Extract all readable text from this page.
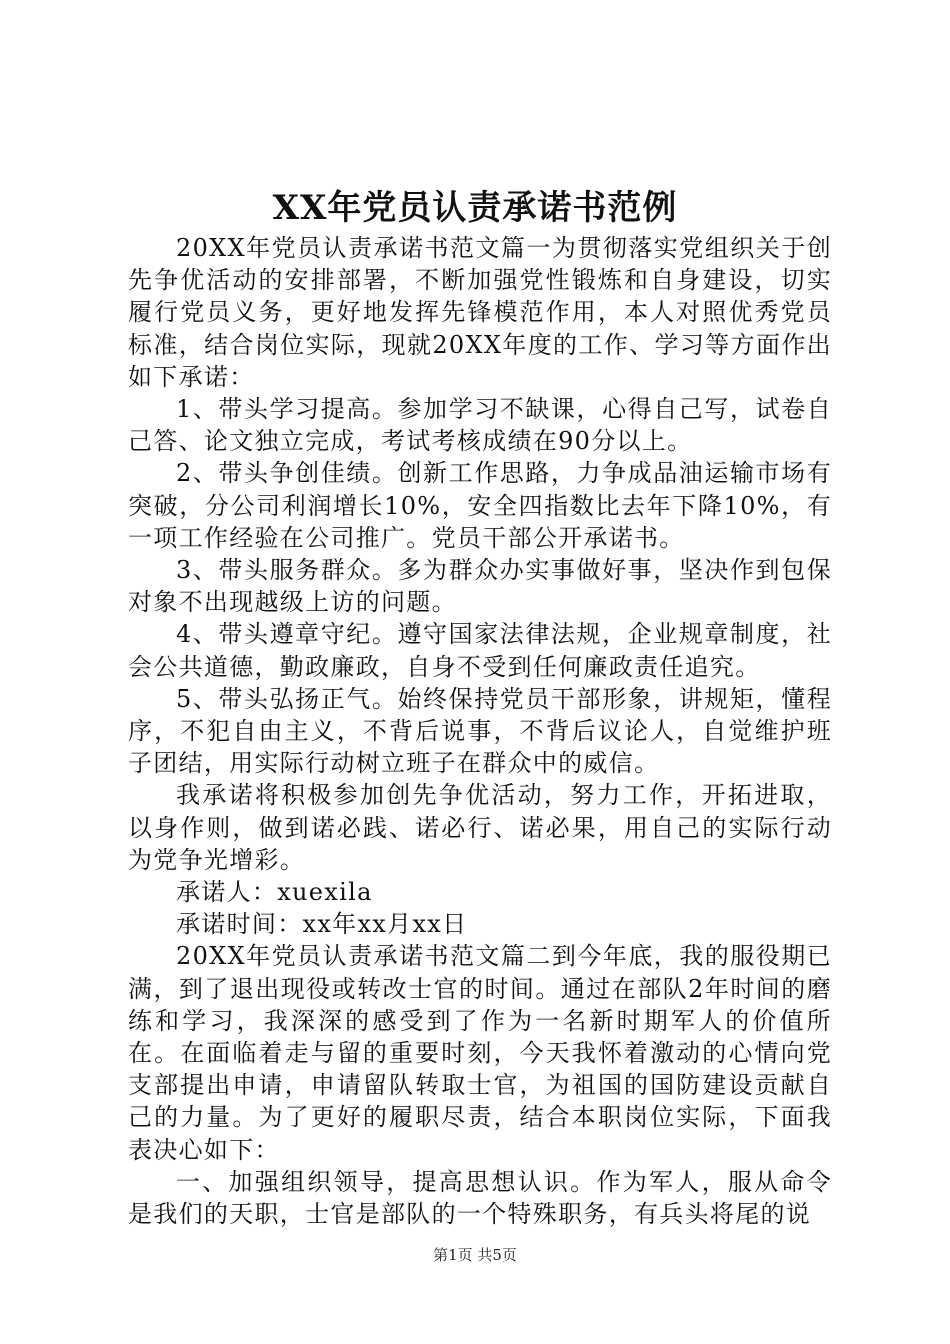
XX年党员认责承诺书范例

20XX年党员认责承诺书范文篇一为贯彻落实党组织关于创先争优活动的安排部署，不断加强党性锻炼和自身建设，切实履行党员义务，更好地发挥先锋模范作用，本人对照优秀党员标准，结合岗位实际，现就20XX年度的工作、学习等方面作出如下承诺：

1、带头学习提高。参加学习不缺课，心得自己写，试卷自己答、论文独立完成，考试考核成绩在90分以上。

2、带头争创佳绩。创新工作思路，力争成品油运输市场有突破，分公司利润增长10%，安全四指数比去年下降10%，有一项工作经验在公司推广。党员干部公开承诺书。

3、带头服务群众。多为群众办实事做好事，坚决作到包保对象不出现越级上访的问题。

4、带头遵章守纪。遵守国家法律法规，企业规章制度，社会公共道德，勤政廉政，自身不受到任何廉政责任追究。

5、带头弘扬正气。始终保持党员干部形象，讲规矩，懂程序，不犯自由主义，不背后说事，不背后议论人，自觉维护班子团结，用实际行动树立班子在群众中的威信。

我承诺将积极参加创先争优活动，努力工作，开拓进取，以身作则，做到诺必践、诺必行、诺必果，用自己的实际行动为党争光增彩。

承诺人：xuexila

承诺时间：xx年xx月xx日

20XX年党员认责承诺书范文篇二到今年底，我的服役期已满，到了退出现役或转改士官的时间。通过在部队2年时间的磨练和学习，我深深的感受到了作为一名新时期军人的价值所在。在面临着走与留的重要时刻，今天我怀着激动的心情向党支部提出申请，申请留队转取士官，为祖国的国防建设贡献自己的力量。为了更好的履职尽责，结合本职岗位实际，下面我表决心如下：

一、加强组织领导，提高思想认识。作为军人，服从命令是我们的天职，士官是部队的一个特殊职务，有兵头将尾的说

第1页 共5页
